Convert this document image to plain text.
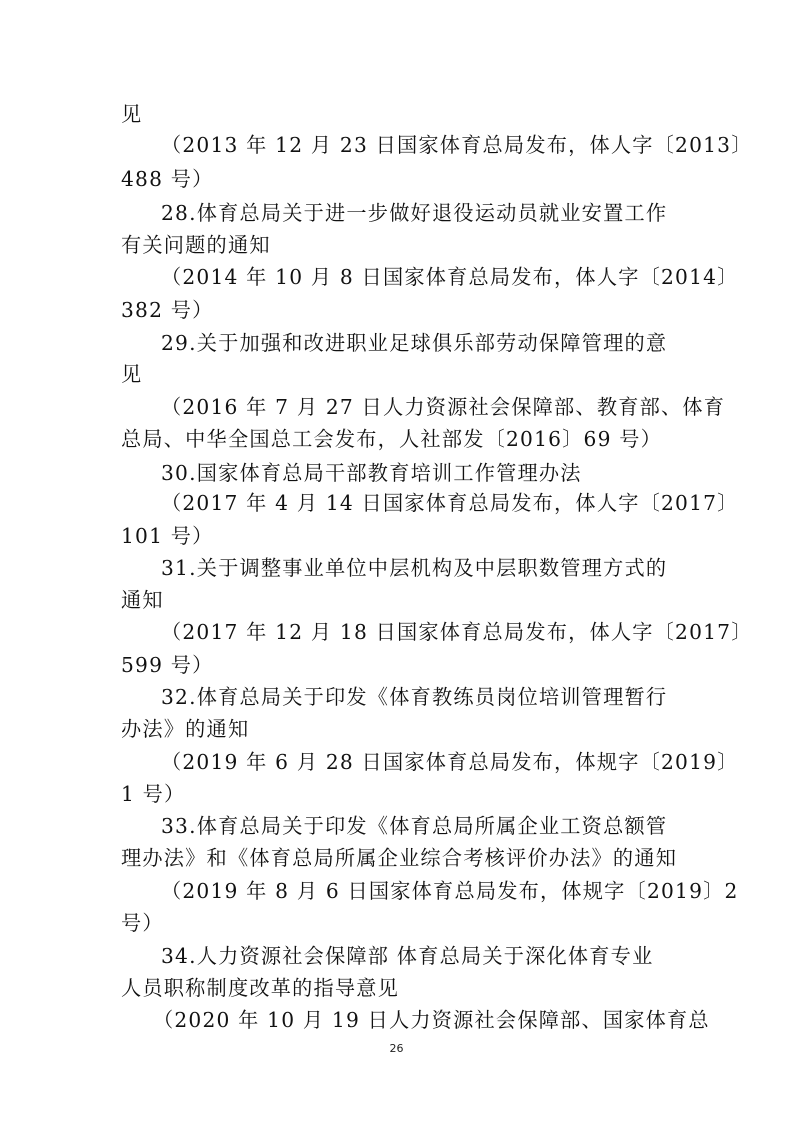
见
（2013 年 12 月 23 日国家体育总局发布，体人字〔2013〕
488 号）
28.体育总局关于进一步做好退役运动员就业安置工作
有关问题的通知
（2014 年 10 月 8 日国家体育总局发布，体人字〔2014〕
382 号）
29.关于加强和改进职业足球俱乐部劳动保障管理的意
见
（2016 年 7 月 27 日人力资源社会保障部、教育部、体育
总局、中华全国总工会发布，人社部发〔2016〕69 号）
30.国家体育总局干部教育培训工作管理办法
（2017 年 4 月 14 日国家体育总局发布，体人字〔2017〕
101 号）
31.关于调整事业单位中层机构及中层职数管理方式的
通知
（2017 年 12 月 18 日国家体育总局发布，体人字〔2017〕
599 号）
32.体育总局关于印发《体育教练员岗位培训管理暂行
办法》的通知
（2019 年 6 月 28 日国家体育总局发布，体规字〔2019〕
1 号）
33.体育总局关于印发《体育总局所属企业工资总额管
理办法》和《体育总局所属企业综合考核评价办法》的通知
（2019 年 8 月 6 日国家体育总局发布，体规字〔2019〕2
号）
34.人力资源社会保障部 体育总局关于深化体育专业
人员职称制度改革的指导意见
（2020 年 10 月 19 日人力资源社会保障部、国家体育总
26
